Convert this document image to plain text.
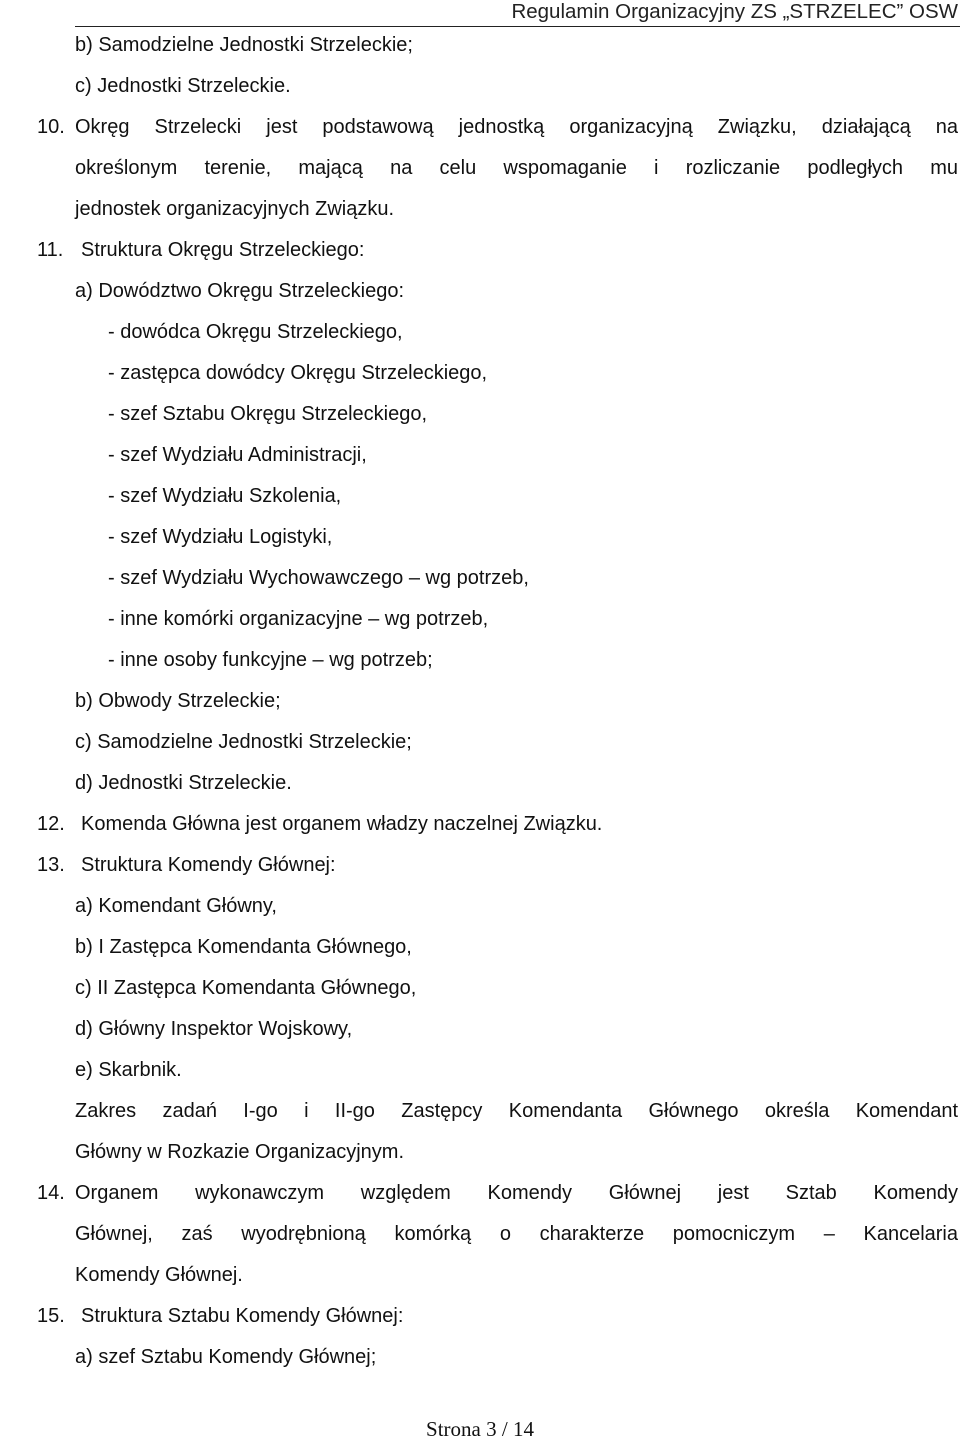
Regulamin Organizacyjny ZS „STRZELEC” OSW
b) Samodzielne Jednostki Strzeleckie;
c) Jednostki Strzeleckie.
10. Okręg Strzelecki jest podstawową jednostką organizacyjną Związku, działającą na
określonym terenie, mającą na celu wspomaganie i rozliczanie podległych mu
jednostek organizacyjnych Związku.
11. Struktura Okręgu Strzeleckiego:
a) Dowództwo Okręgu Strzeleckiego:
- dowódca Okręgu Strzeleckiego,
- zastępca dowódcy Okręgu Strzeleckiego,
- szef Sztabu Okręgu Strzeleckiego,
- szef Wydziału Administracji,
- szef Wydziału Szkolenia,
- szef Wydziału Logistyki,
- szef Wydziału Wychowawczego – wg potrzeb,
- inne komórki organizacyjne – wg potrzeb,
- inne osoby funkcyjne – wg potrzeb;
b) Obwody Strzeleckie;
c) Samodzielne Jednostki Strzeleckie;
d) Jednostki Strzeleckie.
12. Komenda Główna jest organem władzy naczelnej Związku.
13. Struktura Komendy Głównej:
a) Komendant Główny,
b) I Zastępca Komendanta Głównego,
c) II Zastępca Komendanta Głównego,
d) Główny Inspektor Wojskowy,
e) Skarbnik.
Zakres zadań I-go i II-go Zastępcy Komendanta Głównego określa Komendant
Główny w Rozkazie Organizacyjnym.
14. Organem wykonawczym względem Komendy Głównej jest Sztab Komendy
Głównej, zaś wyodrębnioną komórką o charakterze pomocniczym – Kancelaria
Komendy Głównej.
15. Struktura Sztabu Komendy Głównej:
a) szef Sztabu Komendy Głównej;
Strona 3 / 14
